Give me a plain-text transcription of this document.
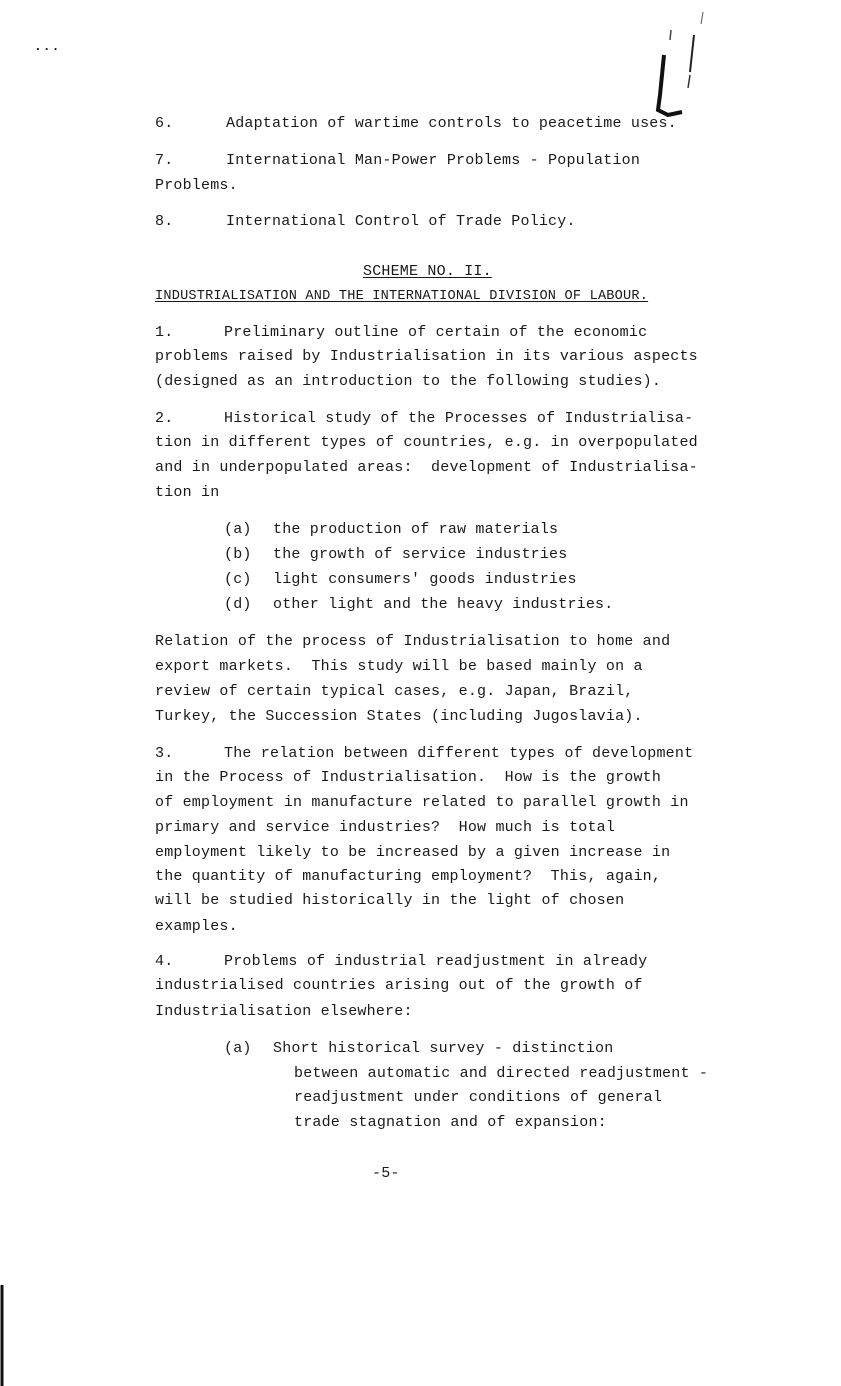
...
6.	Adaptation of wartime controls to peacetime uses.
7.	International Man-Power Problems - Population
Problems.
8.	International Control of Trade Policy.
SCHEME NO. II.
INDUSTRIALISATION AND THE INTERNATIONAL DIVISION OF LABOUR.
1.	Preliminary outline of certain of the economic
problems raised by Industrialisation in its various aspects
(designed as an introduction to the following studies).
2.	Historical study of the Processes of Industrialisa-
tion in different types of countries, e.g. in overpopulated
and in underpopulated areas:  development of Industrialisa-
tion in
(a) the production of raw materials
(b) the growth of service industries
(c) light consumers' goods industries
(d) other light and the heavy industries.
Relation of the process of Industrialisation to home and
export markets.  This study will be based mainly on a
review of certain typical cases, e.g. Japan, Brazil,
Turkey, the Succession States (including Jugoslavia).
3.	The relation between different types of development
in the Process of Industrialisation.  How is the growth
of employment in manufacture related to parallel growth in
primary and service industries?  How much is total
employment likely to be increased by a given increase in
the quantity of manufacturing employment?  This, again,
will be studied historically in the light of chosen
examples.
4.	Problems of industrial readjustment in already
industrialised countries arising out of the growth of
Industrialisation elsewhere:
(a) Short historical survey - distinction
between automatic and directed readjustment -
readjustment under conditions of general
trade stagnation and of expansion:
-5-
